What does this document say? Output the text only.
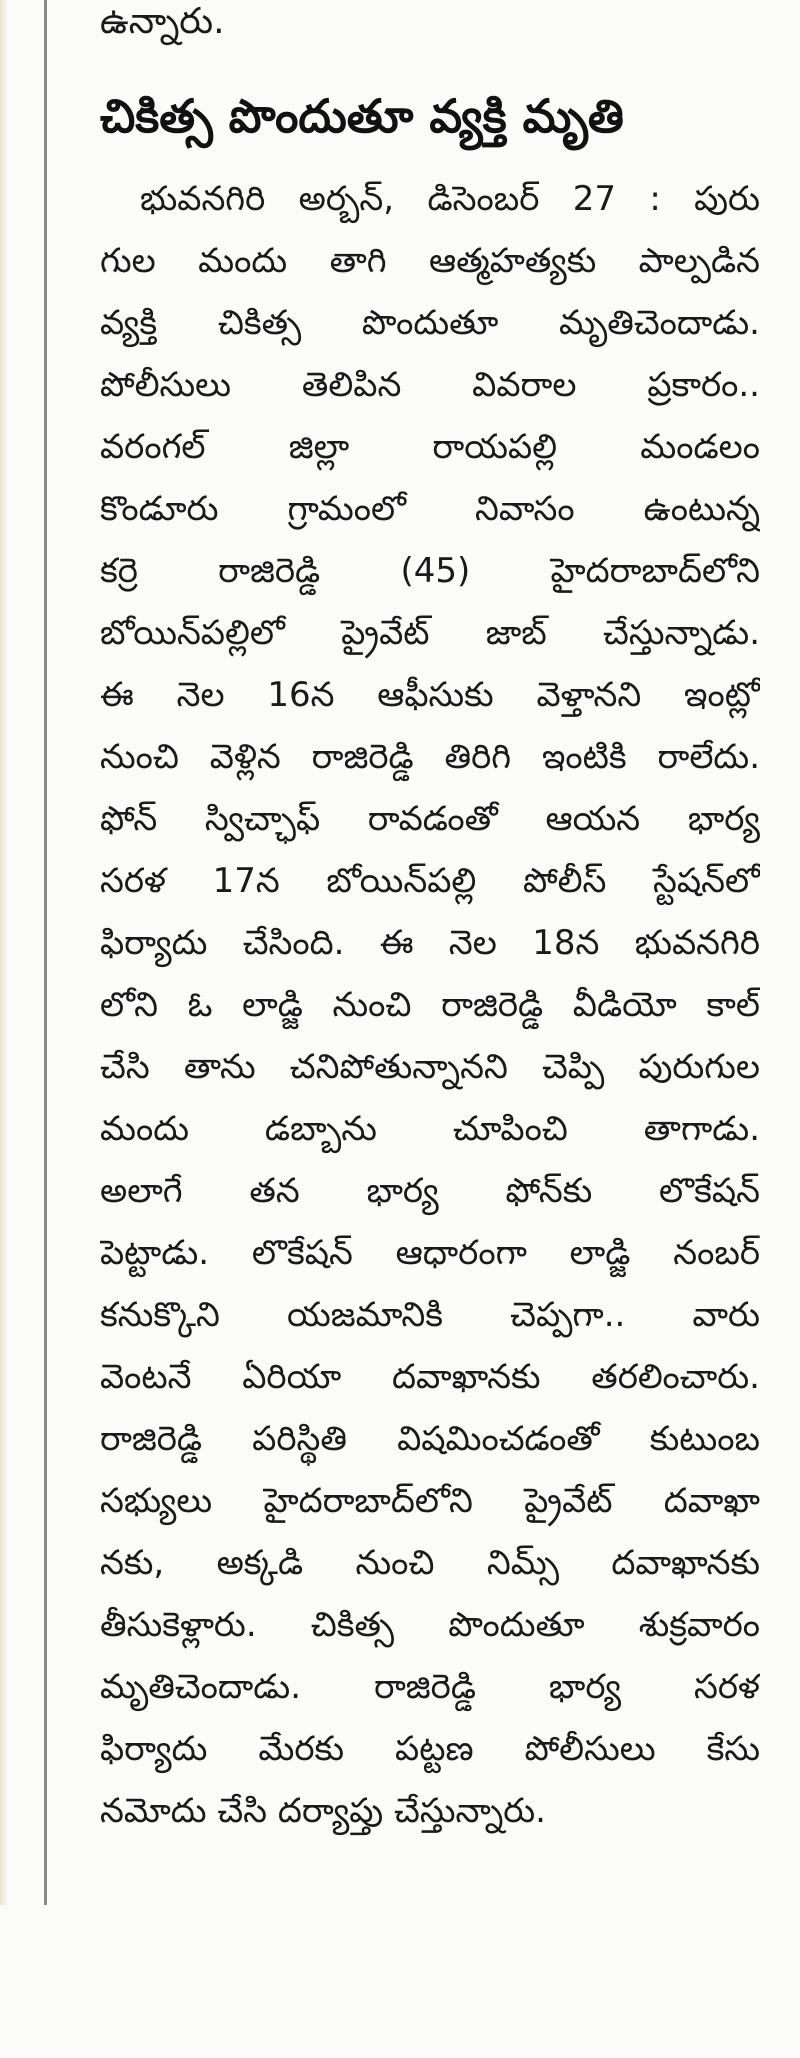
ఉన్నారు.

చికిత్స పొందుతూ వ్యక్తి మృతి
భువనగిరి అర్బన్, డిసెంబర్ 27 : పురు
గుల మందు తాగి ఆత్మహత్యకు పాల్పడిన
వ్యక్తి చికిత్స పొందుతూ మృతిచెందాడు.
పోలీసులు తెలిపిన వివరాల ప్రకారం..
వరంగల్ జిల్లా రాయపల్లి మండలం
కొండూరు గ్రామంలో నివాసం ఉంటున్న
కర్రె రాజిరెడ్డి (45) హైదరాబాద్‌లోని
బోయిన్‌పల్లిలో ప్రైవేట్ జాబ్ చేస్తున్నాడు.
ఈ నెల 16న ఆఫీసుకు వెళ్తానని ఇంట్లో
నుంచి వెళ్లిన రాజిరెడ్డి తిరిగి ఇంటికి రాలేదు.
ఫోన్ స్విచ్ఛాఫ్ రావడంతో ఆయన భార్య
సరళ 17న బోయిన్‌పల్లి పోలీస్ స్టేషన్‌లో
ఫిర్యాదు చేసింది. ఈ నెల 18న భువనగిరి
లోని ఓ లాడ్జి నుంచి రాజిరెడ్డి వీడియో కాల్
చేసి తాను చనిపోతున్నానని చెప్పి పురుగుల
మందు డబ్బాను చూపించి తాగాడు.
అలాగే తన భార్య ఫోన్‌కు లొకేషన్
పెట్టాడు. లొకేషన్ ఆధారంగా లాడ్జి నంబర్
కనుక్కొని యజమానికి చెప్పగా.. వారు
వెంటనే ఏరియా దవాఖానకు తరలించారు.
రాజిరెడ్డి పరిస్థితి విషమించడంతో కుటుంబ
సభ్యులు హైదరాబాద్‌లోని ప్రైవేట్ దవాఖా
నకు, అక్కడి నుంచి నిమ్స్ దవాఖానకు
తీసుకెళ్లారు. చికిత్స పొందుతూ శుక్రవారం
మృతిచెందాడు. రాజిరెడ్డి భార్య సరళ
ఫిర్యాదు మేరకు పట్టణ పోలీసులు కేసు
నమోదు చేసి దర్యాప్తు చేస్తున్నారు.
